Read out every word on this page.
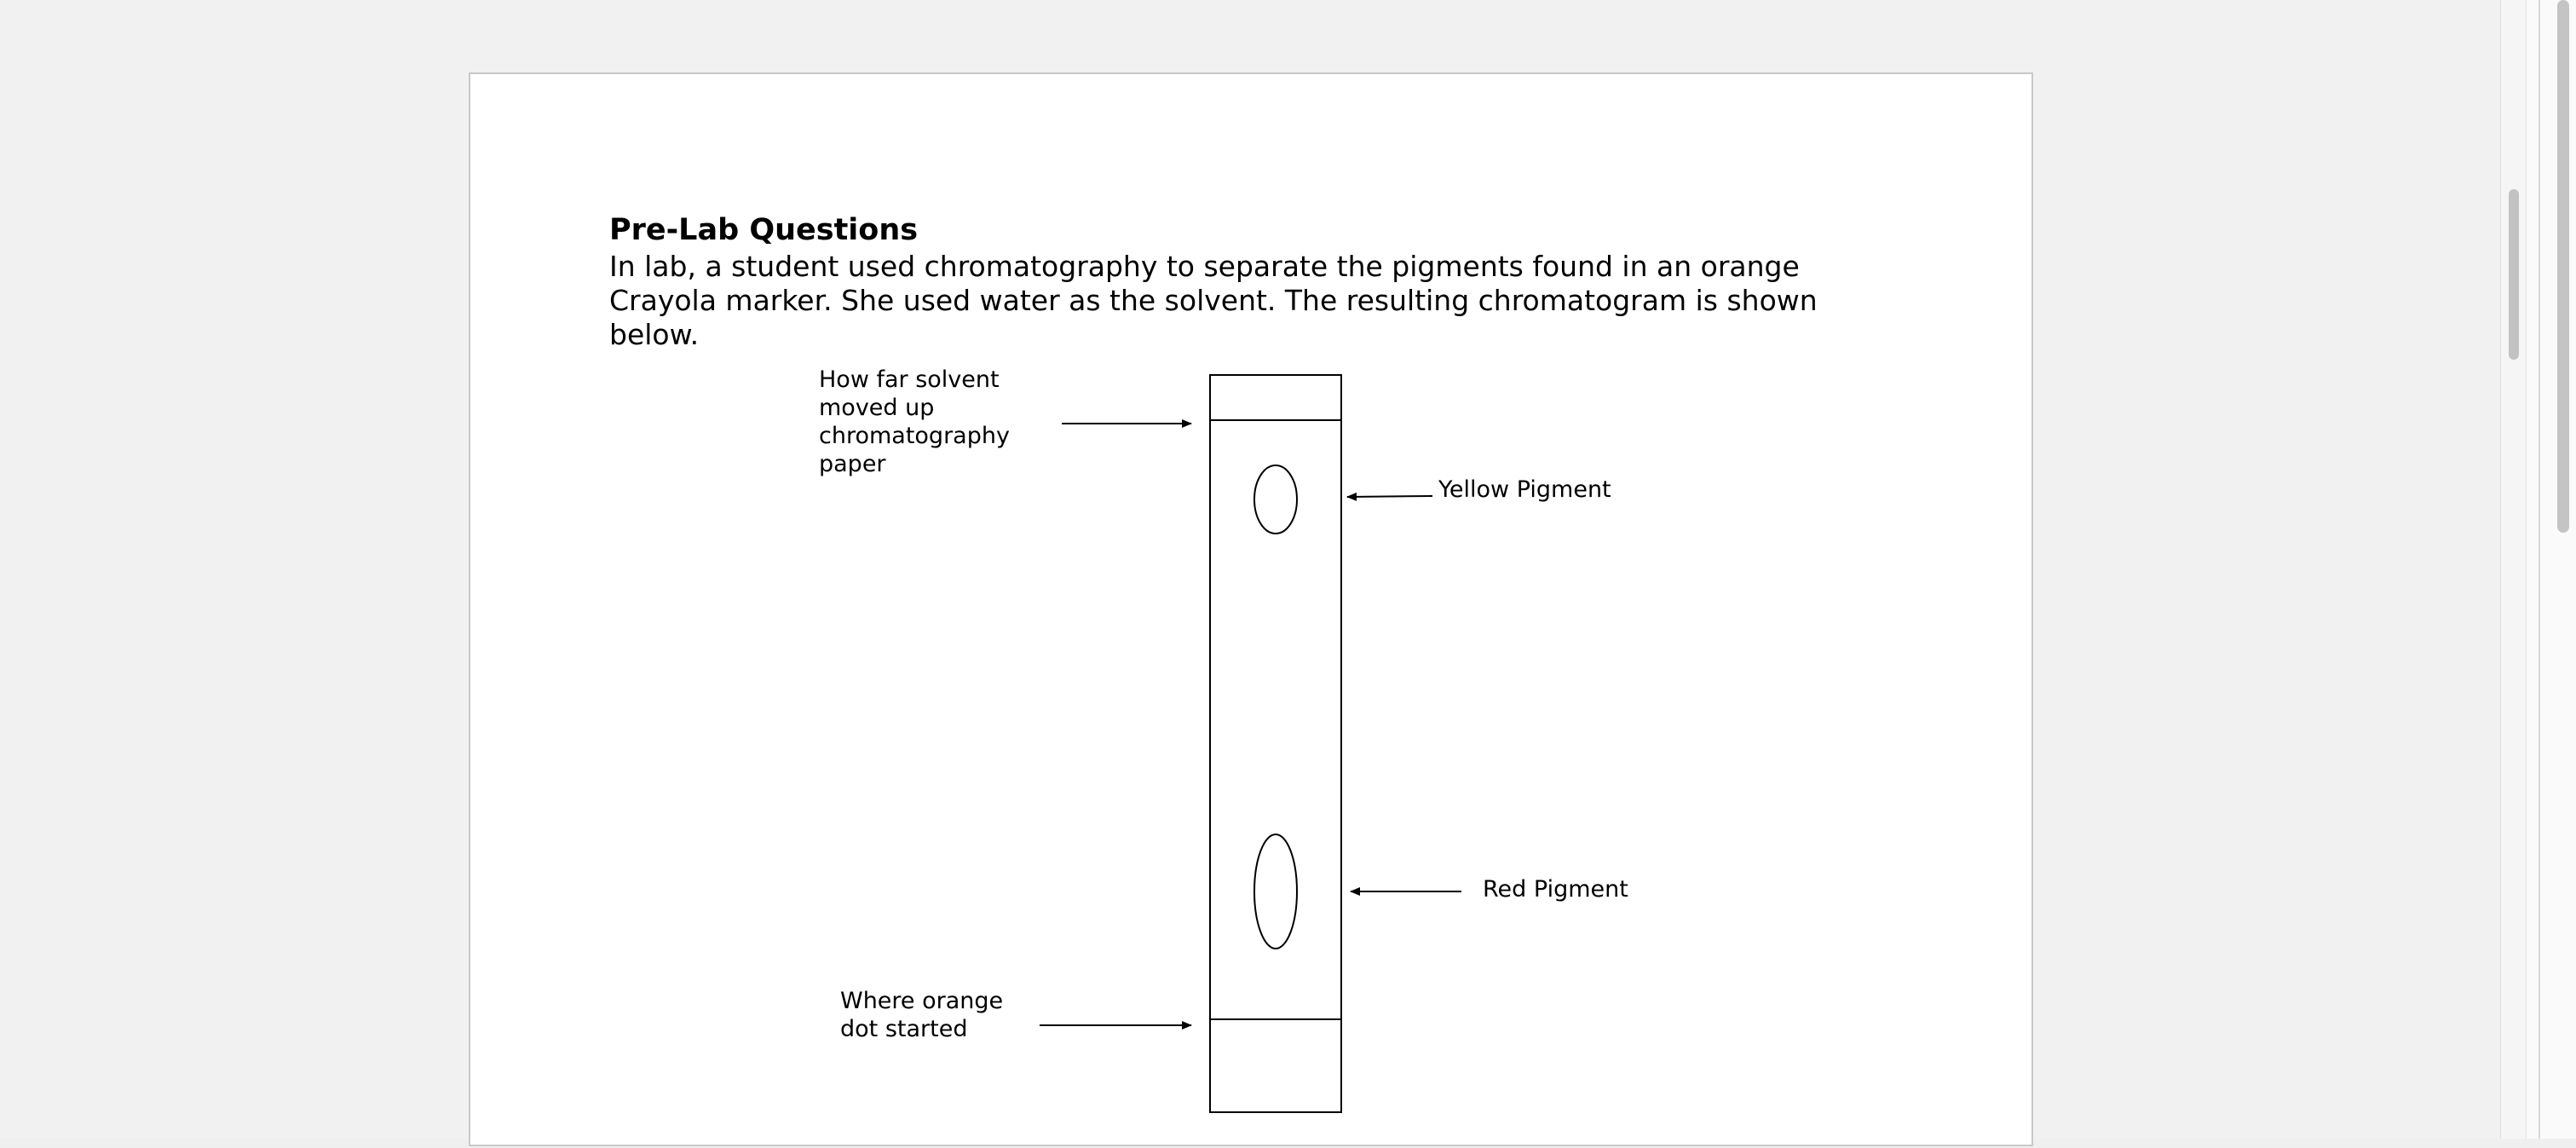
Pre-Lab Questions

In lab, a student used chromatography to separate the pigments found in an orange
Crayola marker. She used water as the solvent. The resulting chromatogram is shown
below.

How far solvent
moved up
chromatography
paper
Yellow Pigment
Red Pigment
Where orange
dot started
